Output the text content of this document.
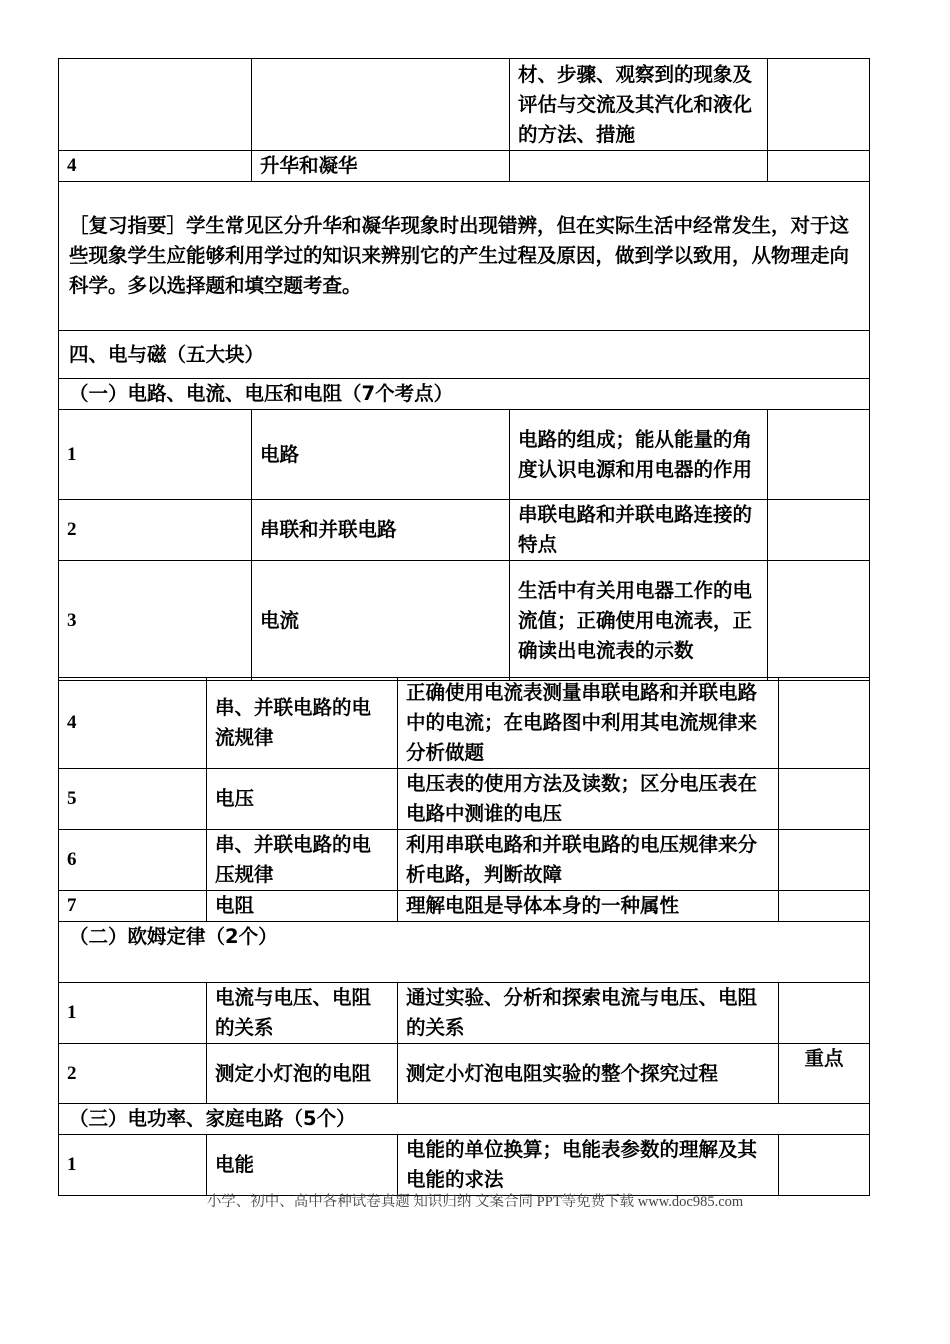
		材、步骤、观察到的现象及评估与交流及其汽化和液化的方法、措施	
4	升华和凝华		
［复习指要］学生常见区分升华和凝华现象时出现错辨，但在实际生活中经常发生，对于这些现象学生应能够利用学过的知识来辨别它的产生过程及原因，做到学以致用，从物理走向科学。多以选择题和填空题考查。			
四、电与磁（五大块）			
（一）电路、电流、电压和电阻（7个考点）			
1	电路	电路的组成；能从能量的角度认识电源和用电器的作用	
2	串联和并联电路	串联电路和并联电路连接的特点	
3	电流	生活中有关用电器工作的电流值；正确使用电流表，正确读出电流表的示数	
4	串、并联电路的电流规律	正确使用电流表测量串联电路和并联电路中的电流；在电路图中利用其电流规律来分析做题	
5	电压	电压表的使用方法及读数；区分电压表在电路中测谁的电压	
6	串、并联电路的电压规律	利用串联电路和并联电路的电压规律来分析电路，判断故障	
7	电阻	理解电阻是导体本身的一种属性	
（二）欧姆定律（2个）			
1	电流与电压、电阻的关系	通过实验、分析和探索电流与电压、电阻的关系	
2	测定小灯泡的电阻	测定小灯泡电阻实验的整个探究过程	重点
（三）电功率、家庭电路（5个）			
1	电能	电能的单位换算；电能表参数的理解及其电能的求法	
小学、初中、高中各种试卷真题 知识归纳 文案合同 PPT等免费下载 www.doc985.com
